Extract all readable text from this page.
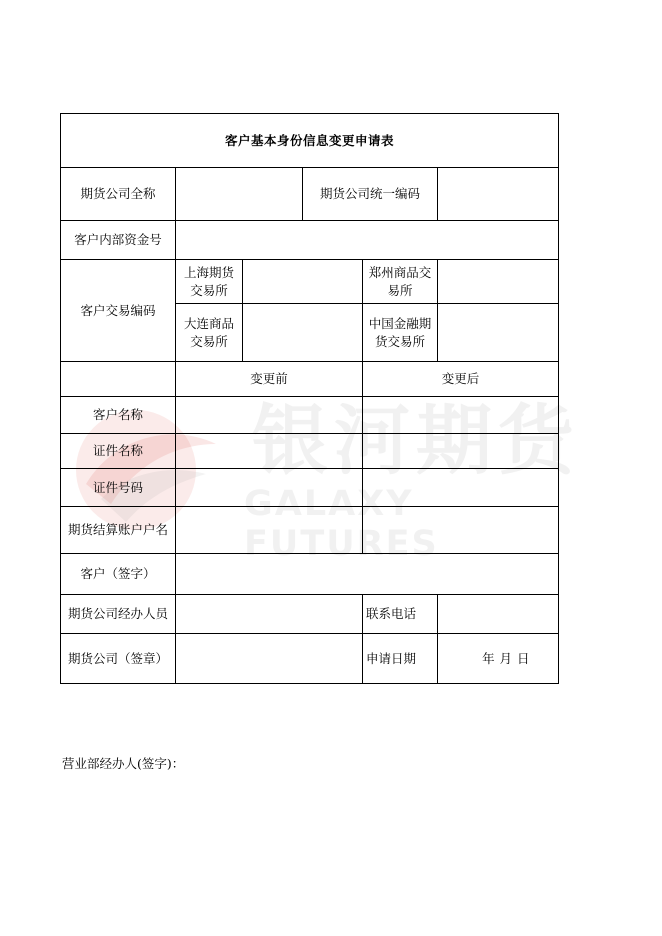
银河期货
GALAXY FUTURES
客户基本身份信息变更申请表					
期货公司全称			期货公司统一编码		
客户内部资金号					
客户交易编码	上海期货交易所			郑州商品交易所	
	大连商品交易所			中国金融期货交易所	
	变更前			变更后	
客户名称					
证件名称					
证件号码					
期货结算账户户名					
客户（签字）					
期货公司经办人员				联系电话	
期货公司（签章）				申请日期	年 月 日
营业部经办人(签字)：
